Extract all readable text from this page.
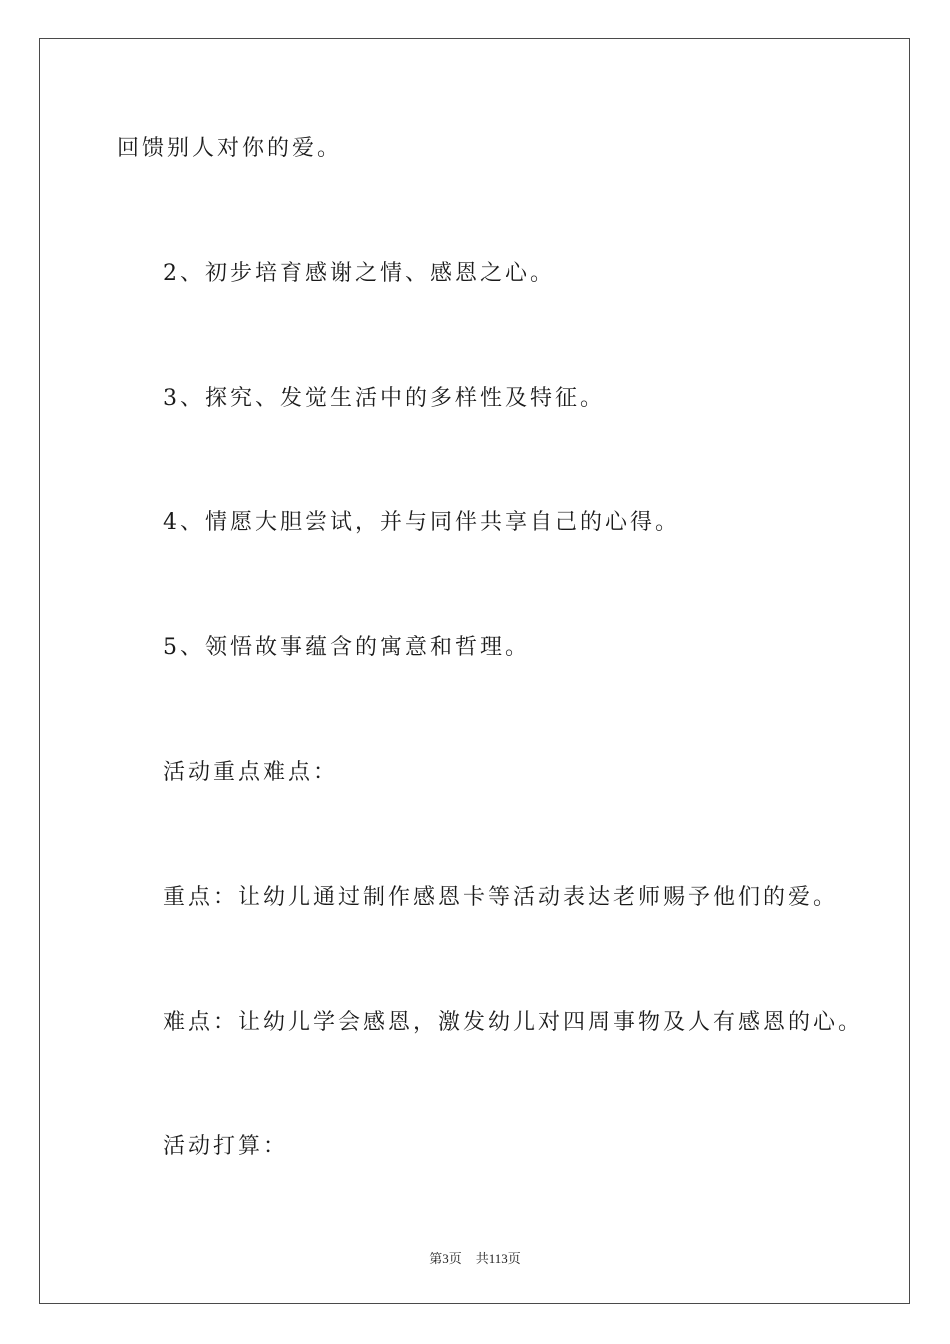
回馈别人对你的爱。
2、初步培育感谢之情、感恩之心。
3、探究、发觉生活中的多样性及特征。
4、情愿大胆尝试，并与同伴共享自己的心得。
5、领悟故事蕴含的寓意和哲理。
活动重点难点：
重点：让幼儿通过制作感恩卡等活动表达老师赐予他们的爱。
难点：让幼儿学会感恩，激发幼儿对四周事物及人有感恩的心。
活动打算：
第3页 共113页
